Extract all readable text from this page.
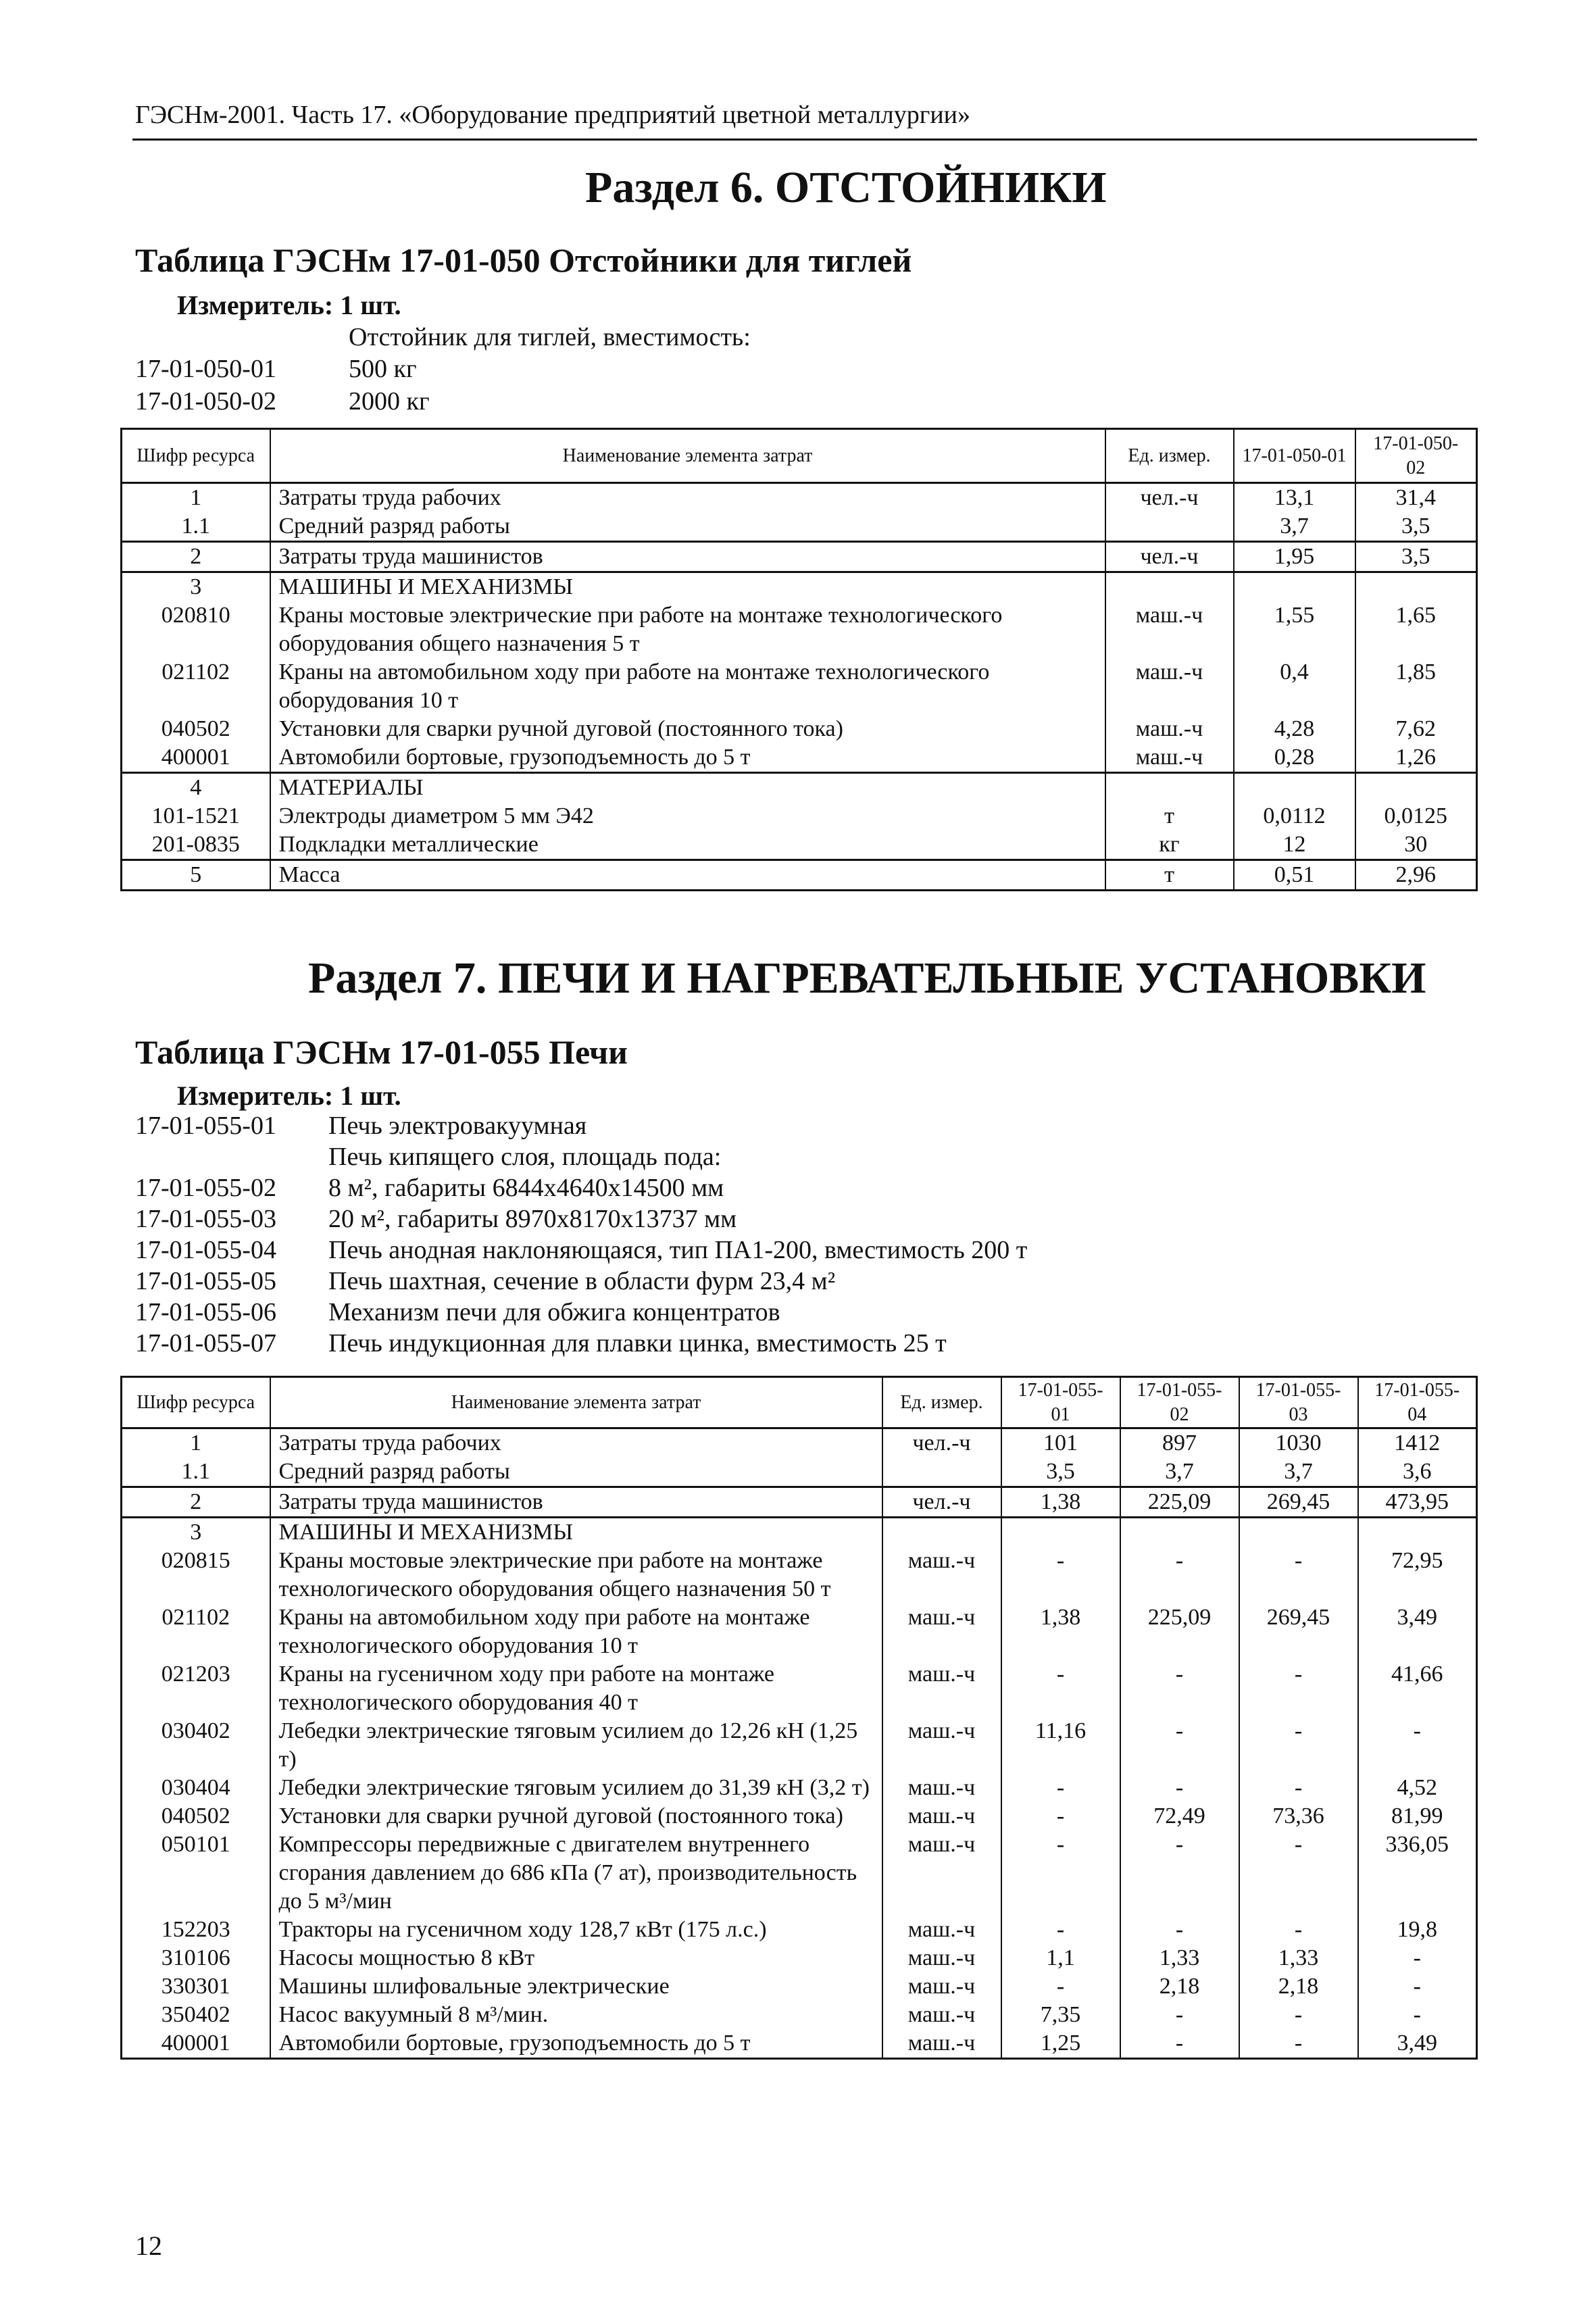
ГЭСНм-2001. Часть 17. «Оборудование предприятий цветной металлургии»
Раздел 6. ОТСТОЙНИКИ
Таблица ГЭСНм 17-01-050 Отстойники для тиглей
Измеритель: 1 шт.
Отстойник для тиглей, вместимость:
17-01-050-01	500 кг
17-01-050-02	2000 кг
Шифр ресурса	Наименование элемента затрат	Ед. измер.	17-01-050-01	17-01-050-02
1	Затраты труда рабочих	чел.-ч	13,1	31,4
1.1	Средний разряд работы		3,7	3,5
2	Затраты труда машинистов	чел.-ч	1,95	3,5
3	МАШИНЫ И МЕХАНИЗМЫ			
020810	Краны мостовые электрические при работе на монтаже технологического оборудования общего назначения 5 т	маш.-ч	1,55	1,65
021102	Краны на автомобильном ходу при работе на монтаже технологического оборудования 10 т	маш.-ч	0,4	1,85
040502	Установки для сварки ручной дуговой (постоянного тока)	маш.-ч	4,28	7,62
400001	Автомобили бортовые, грузоподъемность до 5 т	маш.-ч	0,28	1,26
4	МАТЕРИАЛЫ			
101-1521	Электроды диаметром 5 мм Э42	т	0,0112	0,0125
201-0835	Подкладки металлические	кг	12	30
5	Масса	т	0,51	2,96
Раздел 7. ПЕЧИ И НАГРЕВАТЕЛЬНЫЕ УСТАНОВКИ
Таблица ГЭСНм 17-01-055 Печи
Измеритель: 1 шт.
17-01-055-01 Печь электровакуумная
Печь кипящего слоя, площадь пода:
17-01-055-02 8 м², габариты 6844х4640х14500 мм
17-01-055-03 20 м², габариты 8970х8170х13737 мм
17-01-055-04 Печь анодная наклоняющаяся, тип ПА1-200, вместимость 200 т
17-01-055-05 Печь шахтная, сечение в области фурм 23,4 м²
17-01-055-06 Механизм печи для обжига концентратов
17-01-055-07 Печь индукционная для плавки цинка, вместимость 25 т
Шифр ресурса	Наименование элемента затрат	Ед. измер.	17-01-055-01	17-01-055-02	17-01-055-03	17-01-055-04
1	Затраты труда рабочих	чел.-ч	101	897	1030	1412
1.1	Средний разряд работы		3,5	3,7	3,7	3,6
2	Затраты труда машинистов	чел.-ч	1,38	225,09	269,45	473,95
3	МАШИНЫ И МЕХАНИЗМЫ					
020815	Краны мостовые электрические при работе на монтаже технологического оборудования общего назначения 50 т	маш.-ч	-	-	-	72,95
021102	Краны на автомобильном ходу при работе на монтаже технологического оборудования 10 т	маш.-ч	1,38	225,09	269,45	3,49
021203	Краны на гусеничном ходу при работе на монтаже технологического оборудования 40 т	маш.-ч	-	-	-	41,66
030402	Лебедки электрические тяговым усилием до 12,26 кН (1,25 т)	маш.-ч	11,16	-	-	-
030404	Лебедки электрические тяговым усилием до 31,39 кН (3,2 т)	маш.-ч	-	-	-	4,52
040502	Установки для сварки ручной дуговой (постоянного тока)	маш.-ч	-	72,49	73,36	81,99
050101	Компрессоры передвижные с двигателем внутреннего сгорания давлением до 686 кПа (7 ат), производительность до 5 м³/мин	маш.-ч	-	-	-	336,05
152203	Тракторы на гусеничном ходу 128,7 кВт (175 л.с.)	маш.-ч	-	-	-	19,8
310106	Насосы мощностью 8 кВт	маш.-ч	1,1	1,33	1,33	-
330301	Машины шлифовальные электрические	маш.-ч	-	2,18	2,18	-
350402	Насос вакуумный 8 м³/мин.	маш.-ч	7,35	-	-	-
400001	Автомобили бортовые, грузоподъемность до 5 т	маш.-ч	1,25	-	-	3,49
12
